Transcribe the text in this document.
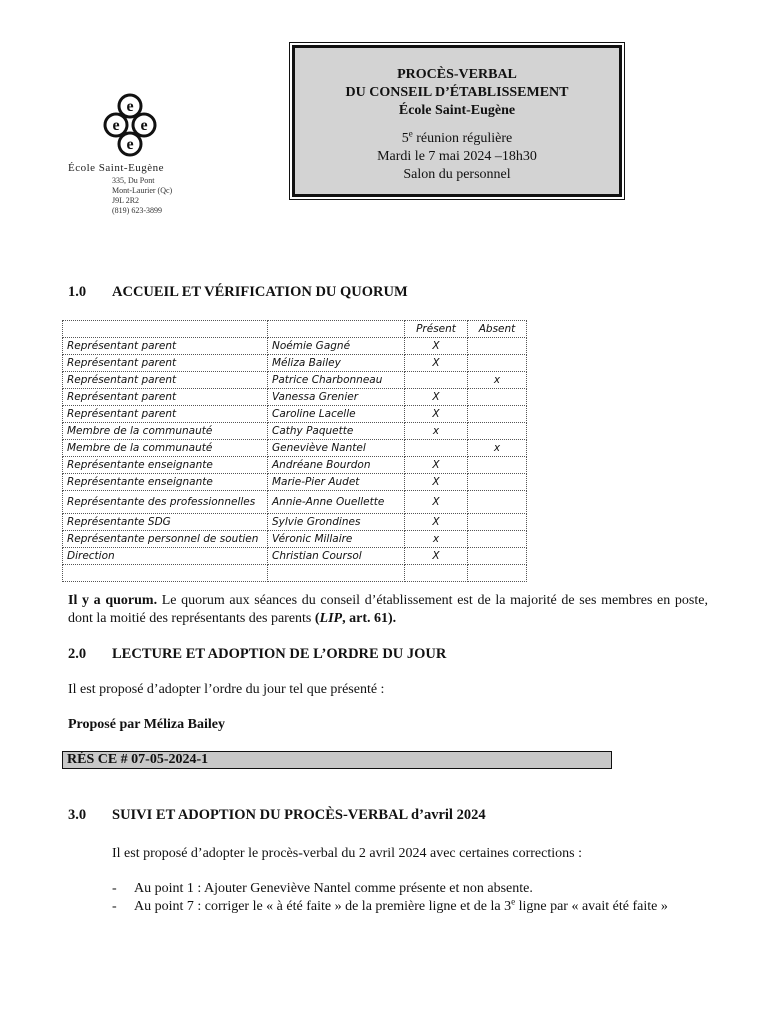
e
e e
e
École Saint-Eugène
335, Du Pont
Mont-Laurier (Qc)
J9L 2R2
(819) 623-3899
PROCÈS-VERBAL
DU CONSEIL D’ÉTABLISSEMENT
École Saint-Eugène
5e réunion régulière
Mardi le 7 mai 2024 –18h30
Salon du personnel
1.0 ACCUEIL ET VÉRIFICATION DU QUORUM
		Présent	Absent
Représentant parent	Noémie Gagné	X	
Représentant parent	Méliza Bailey	X	
Représentant parent	Patrice Charbonneau		x
Représentant parent	Vanessa Grenier	X	
Représentant parent	Caroline Lacelle	X	
Membre de la communauté	Cathy Paquette	x	
Membre de la communauté	Geneviève Nantel		x
Représentante enseignante	Andréane Bourdon	X	
Représentante enseignante	Marie-Pier Audet	X	
Représentante des professionnelles	Annie-Anne Ouellette	X	
Représentante SDG	Sylvie Grondines	X	
Représentante personnel de soutien	Véronic Millaire	x	
Direction	Christian Coursol	X	

Il y a quorum. Le quorum aux séances du conseil d’établissement est de la majorité de ses membres en poste, dont la moitié des représentants des parents (LIP, art. 61).
2.0 LECTURE ET ADOPTION DE L’ORDRE DU JOUR
Il est proposé d’adopter l’ordre du jour tel que présenté :
Proposé par Méliza Bailey
RÉS CE # 07-05-2024-1
3.0 SUIVI ET ADOPTION DU PROCÈS-VERBAL d’avril 2024
Il est proposé d’adopter le procès-verbal du 2 avril 2024 avec certaines corrections :
- Au point 1 : Ajouter Geneviève Nantel comme présente et non absente.
- Au point 7 : corriger le « à été faite » de la première ligne et de la 3e ligne par « avait été faite »
